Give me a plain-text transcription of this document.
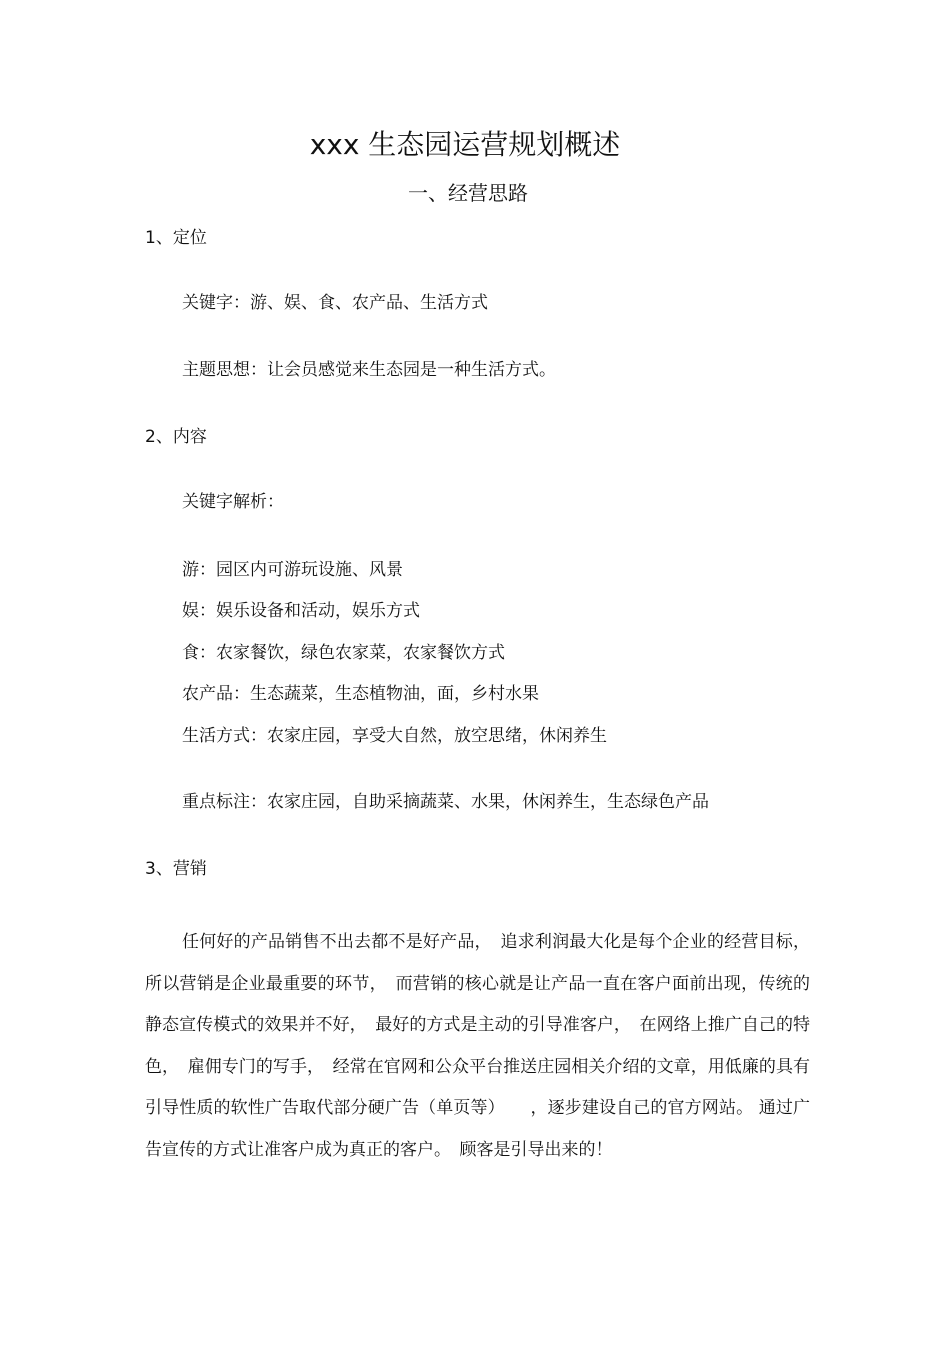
xxx 生态园运营规划概述
一、经营思路
1、定位
关键字：游、娱、食、农产品、生活方式
主题思想：让会员感觉来生态园是一种生活方式。
2、内容
关键字解析：
游：园区内可游玩设施、风景
娱：娱乐设备和活动，娱乐方式
食：农家餐饮，绿色农家菜，农家餐饮方式
农产品：生态蔬菜，生态植物油，面，乡村水果
生活方式：农家庄园，享受大自然，放空思绪，休闲养生
重点标注：农家庄园，自助采摘蔬菜、水果，休闲养生，生态绿色产品
3、营销
任何好的产品销售不出去都不是好产品，　追求利润最大化是每个企业的经营目标，所以营销是企业最重要的环节，　而营销的核心就是让产品一直在客户面前出现，传统的静态宣传模式的效果并不好，　最好的方式是主动的引导准客户，　在网络上推广自己的特色，　雇佣专门的写手，　经常在官网和公众平台推送庄园相关介绍的文章，用低廉的具有引导性质的软性广告取代部分硬广告（单页等）　　，逐步建设自己的官方网站。 通过广告宣传的方式让准客户成为真正的客户。　顾客是引导出来的！
